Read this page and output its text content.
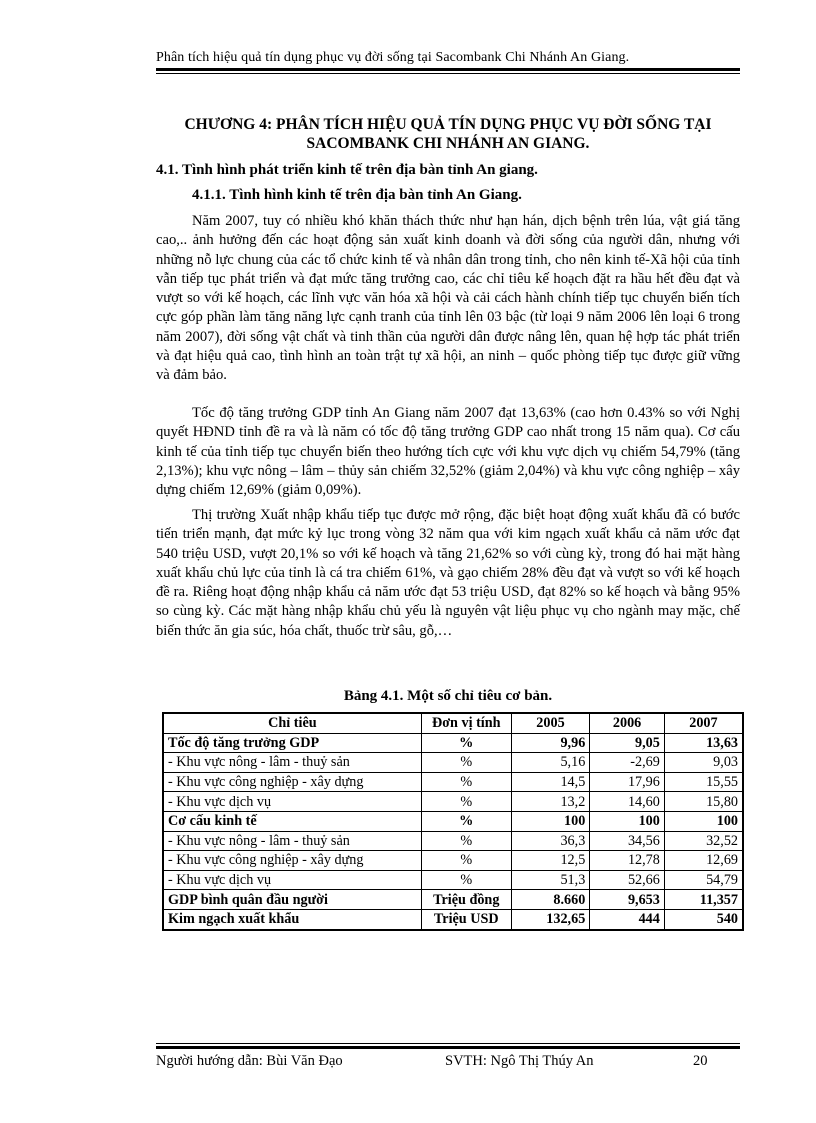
Phân tích hiệu quả tín dụng phục vụ đời sống tại Sacombank Chi Nhánh An Giang.
CHƯƠNG 4: PHÂN TÍCH HIỆU QUẢ TÍN DỤNG PHỤC VỤ ĐỜI SỐNG TẠI
SACOMBANK CHI NHÁNH AN GIANG.
4.1. Tình hình phát triển kinh tế trên địa bàn tỉnh An giang.
4.1.1. Tình hình kinh tế trên địa bàn tỉnh An Giang.
Năm 2007, tuy có nhiều khó khăn thách thức như hạn hán, dịch bệnh trên lúa, vật giá tăng cao,.. ảnh hưởng đến các hoạt động sản xuất kinh doanh và đời sống của người dân, nhưng với những nỗ lực chung của các tổ chức kinh tế và nhân dân trong tỉnh, cho nên kinh tế-Xã hội của tỉnh vẫn tiếp tục phát triển và đạt mức tăng trưởng cao, các chỉ tiêu kế hoạch đặt ra hầu hết đều đạt và vượt so với kế hoạch, các lĩnh vực văn hóa xã hội và cải cách hành chính tiếp tục chuyển biến tích cực góp phần làm tăng năng lực cạnh tranh của tỉnh lên 03 bậc (từ loại 9 năm 2006 lên loại 6 trong năm 2007), đời sống vật chất và tinh thần của người dân được nâng lên, quan hệ hợp tác phát triển và đạt hiệu quả cao, tình hình an toàn trật tự xã hội, an ninh – quốc phòng tiếp tục được giữ vững và đảm bảo.
Tốc độ tăng trưởng GDP tỉnh An Giang năm 2007 đạt 13,63% (cao hơn 0.43% so với Nghị quyết HĐND tỉnh đề ra và là năm có tốc độ tăng trưởng GDP cao nhất trong 15 năm qua). Cơ cấu kinh tế của tỉnh tiếp tục chuyển biến theo hướng tích cực với khu vực dịch vụ chiếm 54,79% (tăng 2,13%); khu vực nông – lâm – thủy sản chiếm 32,52% (giảm 2,04%) và khu vực công nghiệp – xây dựng chiếm 12,69% (giảm 0,09%).
Thị trường Xuất nhập khẩu tiếp tục được mở rộng, đặc biệt hoạt động xuất khẩu đã có bước tiến triển mạnh, đạt mức kỷ lục trong vòng 32 năm qua với kim ngạch xuất khẩu cả năm ước đạt 540 triệu USD, vượt 20,1% so với kế hoạch và tăng 21,62% so với cùng kỳ, trong đó hai mặt hàng xuất khẩu chủ lực của tỉnh là cá tra chiếm 61%, và gạo chiếm 28% đều đạt và vượt so với kế hoạch đề ra. Riêng hoạt động nhập khẩu cả năm ước đạt 53 triệu USD, đạt 82% so kế hoạch và bằng 95% so cùng kỳ. Các mặt hàng nhập khẩu chủ yếu là nguyên vật liệu phục vụ cho ngành may mặc, chế biến thức ăn gia súc, hóa chất, thuốc trừ sâu, gỗ,…
Bảng 4.1. Một số chỉ tiêu cơ bản.
Chỉ tiêu	Đơn vị tính	2005	2006	2007
Tốc độ tăng trưởng GDP	%	9,96	9,05	13,63
- Khu vực nông - lâm - thuỷ sản	%	5,16	-2,69	9,03
- Khu vực công nghiệp - xây dựng	%	14,5	17,96	15,55
- Khu vực dịch vụ	%	13,2	14,60	15,80
Cơ cấu kinh tế	%	100	100	100
- Khu vực nông - lâm - thuỷ sản	%	36,3	34,56	32,52
- Khu vực công nghiệp - xây dựng	%	12,5	12,78	12,69
- Khu vực dịch vụ	%	51,3	52,66	54,79
GDP bình quân đầu người	Triệu đồng	8.660	9,653	11,357
Kim ngạch xuất khẩu	Triệu USD	132,65	444	540
Người hướng dẫn: Bùi Văn Đạo	SVTH: Ngô Thị Thúy An	20
